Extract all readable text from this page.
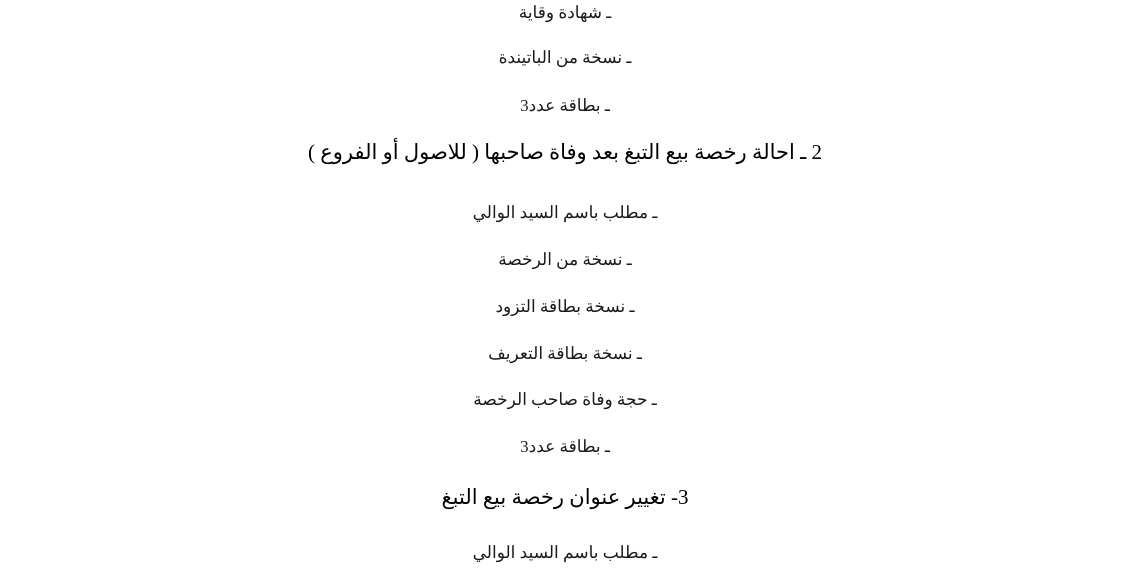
ـ شهادة وقاية
ـ نسخة من الباتيندة
ـ بطاقة عدد3
2 ـ احالة رخصة بيع التبغ بعد وفاة صاحبها ( للاصول أو الفروع )
ـ مطلب باسم السيد الوالي
ـ نسخة من الرخصة
ـ نسخة بطاقة التزود
ـ نسخة بطاقة التعريف
ـ حجة وفاة صاحب الرخصة
ـ بطاقة عدد3
3- تغيير عنوان رخصة بيع التبغ
ـ مطلب باسم السيد الوالي
